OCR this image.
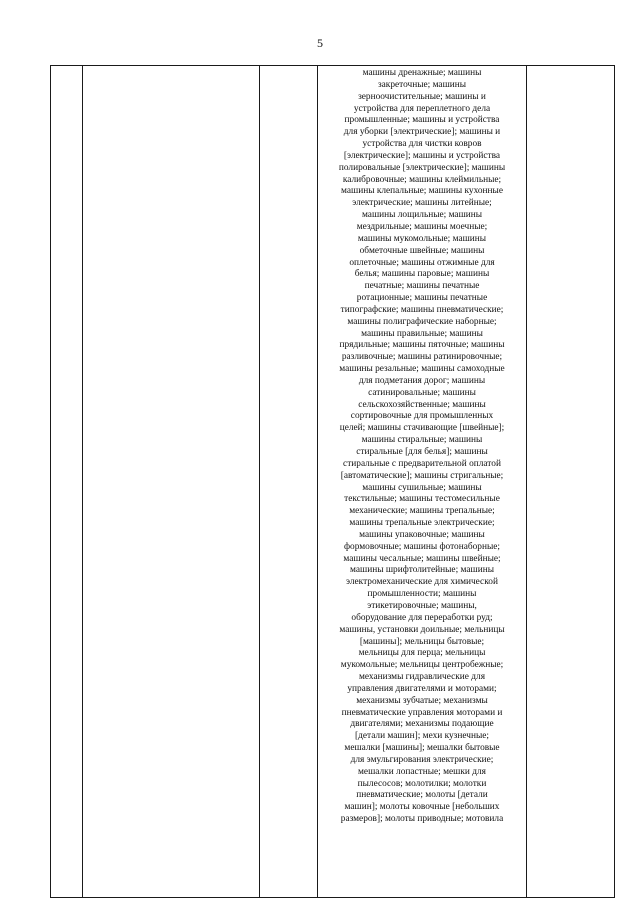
5

машины дренажные; машины
закреточные; машины
зерноочистительные; машины и
устройства для переплетного дела
промышленные; машины и устройства
для уборки [электрические]; машины и
устройства для чистки ковров
[электрические]; машины и устройства
полировальные [электрические]; машины
калибровочные; машины клеймильные;
машины клепальные; машины кухонные
электрические; машины литейные;
машины лощильные; машины
мездрильные; машины моечные;
машины мукомольные; машины
обметочные швейные; машины
оплеточные; машины отжимные для
белья; машины паровые; машины
печатные; машины печатные
ротационные; машины печатные
типографские; машины пневматические;
машины полиграфические наборные;
машины правильные; машины
прядильные; машины пяточные; машины
разливочные; машины ратинировочные;
машины резальные; машины самоходные
для подметания дорог; машины
сатинировальные; машины
сельскохозяйственные; машины
сортировочные для промышленных
целей; машины стачивающие [швейные];
машины стиральные; машины
стиральные [для белья]; машины
стиральные с предварительной оплатой
[автоматические]; машины стригальные;
машины сушильные; машины
текстильные; машины тестомесильные
механические; машины трепальные;
машины трепальные электрические;
машины упаковочные; машины
формовочные; машины фотонаборные;
машины чесальные; машины швейные;
машины шрифтолитейные; машины
электромеханические для химической
промышленности; машины
этикетировочные; машины,
оборудование для переработки руд;
машины, установки доильные; мельницы
[машины]; мельницы бытовые;
мельницы для перца; мельницы
мукомольные; мельницы центробежные;
механизмы гидравлические для
управления двигателями и моторами;
механизмы зубчатые; механизмы
пневматические управления моторами и
двигателями; механизмы подающие
[детали машин]; мехи кузнечные;
мешалки [машины]; мешалки бытовые
для эмульгирования электрические;
мешалки лопастные; мешки для
пылесосов; молотилки; молотки
пневматические; молоты [детали
машин]; молоты ковочные [небольших
размеров]; молоты приводные; мотовила
